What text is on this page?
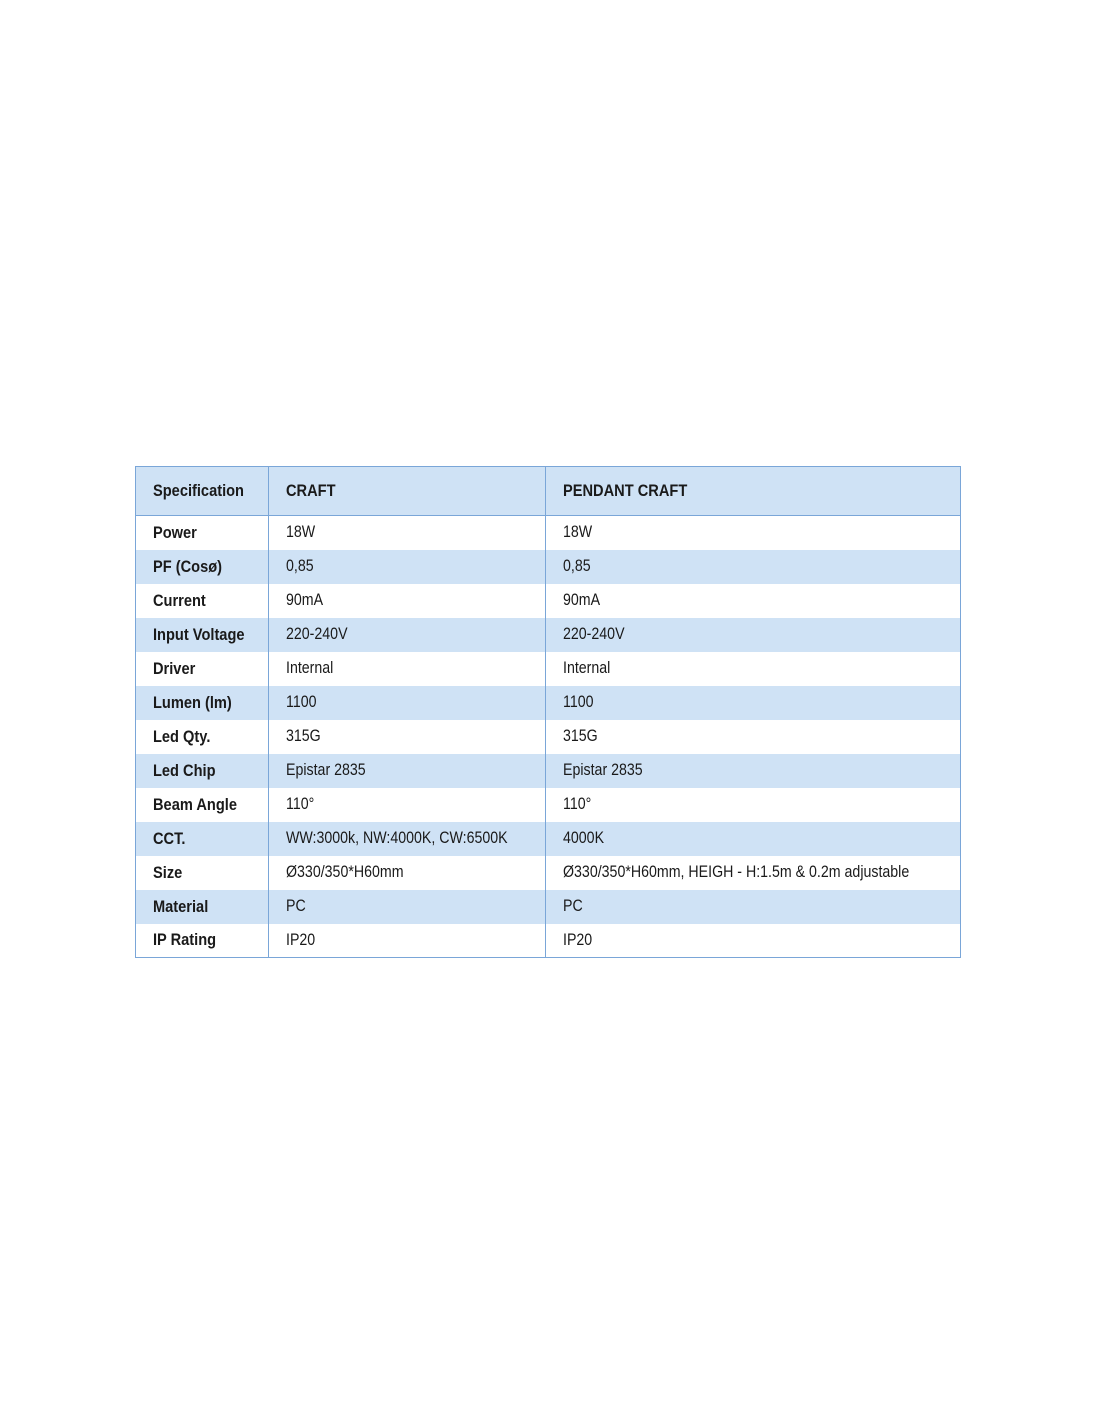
Specification	CRAFT	PENDANT CRAFT
Power	18W	18W
PF (Cosø)	0,85	0,85
Current	90mA	90mA
Input Voltage	220-240V	220-240V
Driver	Internal	Internal
Lumen (lm)	1100	1100
Led Qty.	315G	315G
Led Chip	Epistar 2835	Epistar 2835
Beam Angle	110°	110°
CCT.	WW:3000k, NW:4000K, CW:6500K	4000K
Size	Ø330/350*H60mm	Ø330/350*H60mm, HEIGH - H:1.5m & 0.2m adjustable
Material	PC	PC
IP Rating	IP20	IP20
